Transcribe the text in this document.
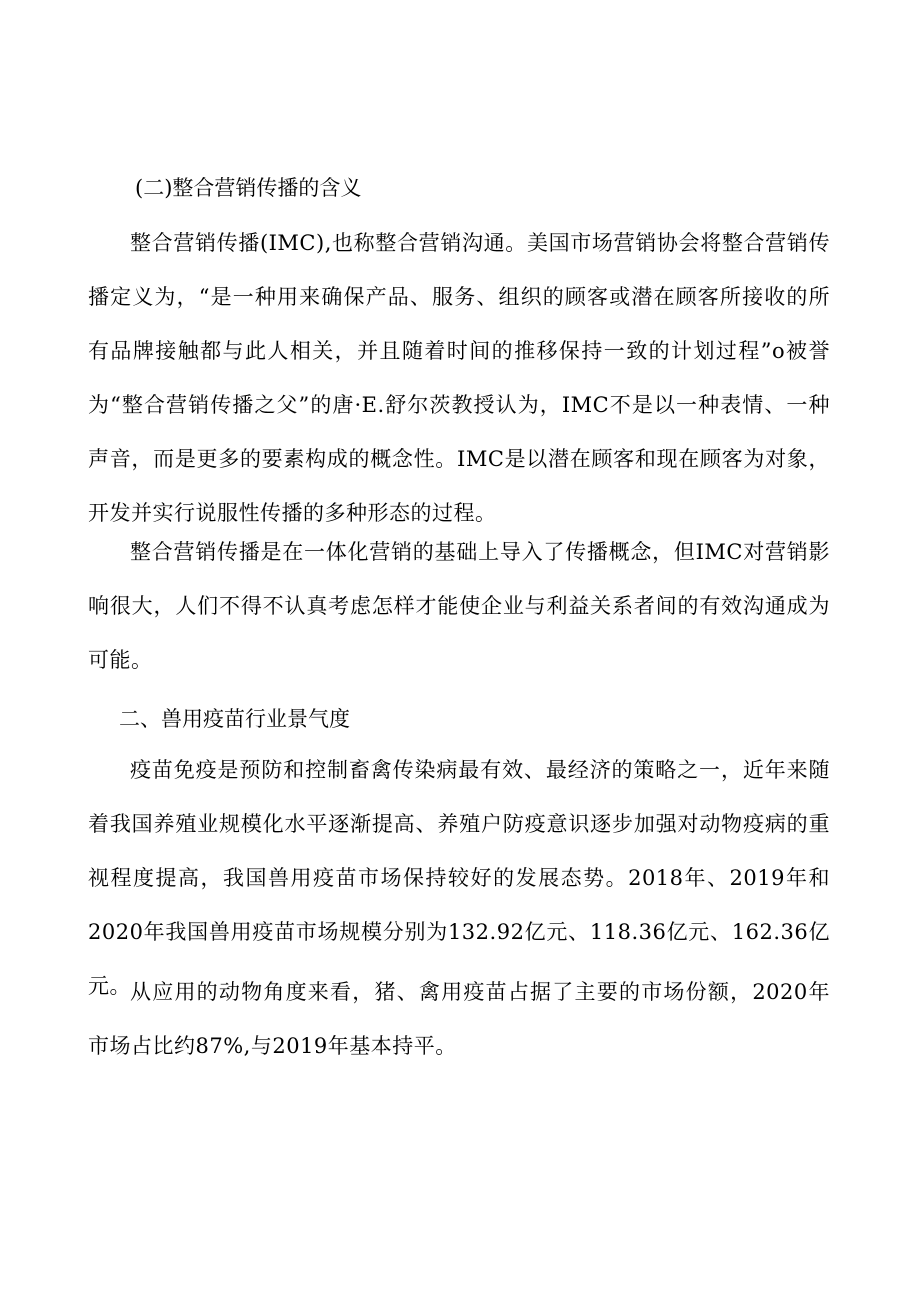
(二)整合营销传播的含义

整合营销传播(IMC),也称整合营销沟通。美国市场营销协会将整合营销传播定义为，“是一种用来确保产品、服务、组织的顾客或潜在顾客所接收的所有品牌接触都与此人相关，并且随着时间的推移保持一致的计划过程”o被誉为“整合营销传播之父”的唐·E.舒尔茨教授认为，IMC不是以一种表情、一种声音，而是更多的要素构成的概念性。IMC是以潜在顾客和现在顾客为对象，开发并实行说服性传播的多种形态的过程。

整合营销传播是在一体化营销的基础上导入了传播概念，但IMC对营销影响很大，人们不得不认真考虑怎样才能使企业与利益关系者间的有效沟通成为可能。

二、兽用疫苗行业景气度

疫苗免疫是预防和控制畜禽传染病最有效、最经济的策略之一，近年来随着我国养殖业规模化水平逐渐提高、养殖户防疫意识逐步加强对动物疫病的重视程度提高，我国兽用疫苗市场保持较好的发展态势。2018年、2019年和2020年我国兽用疫苗市场规模分别为132.92亿元、118.36亿元、162.36亿元。 从应用的动物角度来看，猪、禽用疫苗占据了主要的市场份额，2020年市场占比约87%,与2019年基本持平。
